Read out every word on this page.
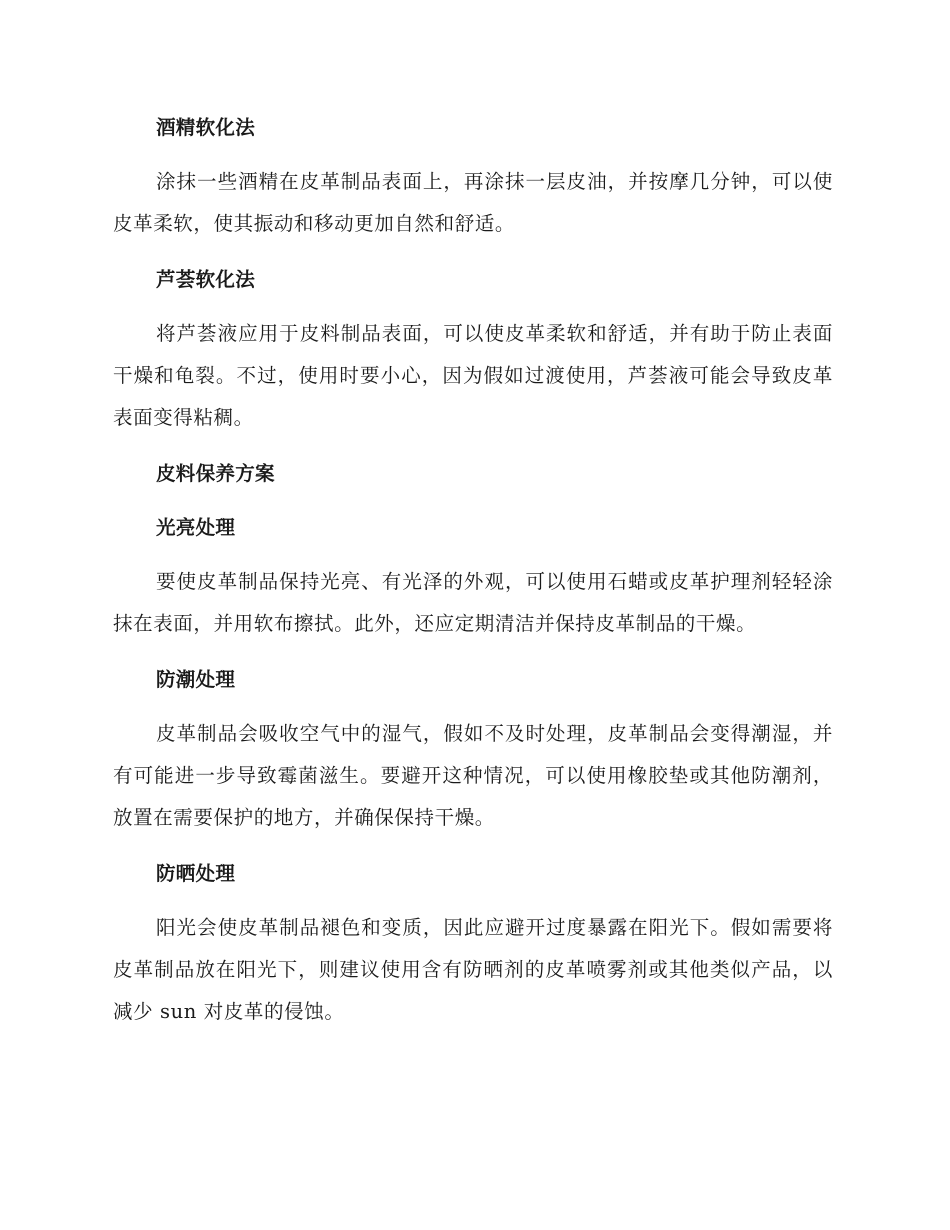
酒精软化法

涂抹一些酒精在皮革制品表面上，再涂抹一层皮油，并按摩几分钟，可以使皮革柔软，使其振动和移动更加自然和舒适。

芦荟软化法

将芦荟液应用于皮料制品表面，可以使皮革柔软和舒适，并有助于防止表面干燥和龟裂。不过，使用时要小心，因为假如过渡使用，芦荟液可能会导致皮革表面变得粘稠。

皮料保养方案
光亮处理

要使皮革制品保持光亮、有光泽的外观，可以使用石蜡或皮革护理剂轻轻涂抹在表面，并用软布擦拭。此外，还应定期清洁并保持皮革制品的干燥。

防潮处理

皮革制品会吸收空气中的湿气，假如不及时处理，皮革制品会变得潮湿，并有可能进一步导致霉菌滋生。要避开这种情况，可以使用橡胶垫或其他防潮剂，放置在需要保护的地方，并确保保持干燥。

防晒处理

阳光会使皮革制品褪色和变质，因此应避开过度暴露在阳光下。假如需要将皮革制品放在阳光下，则建议使用含有防晒剂的皮革喷雾剂或其他类似产品，以减少 sun 对皮革的侵蚀。
